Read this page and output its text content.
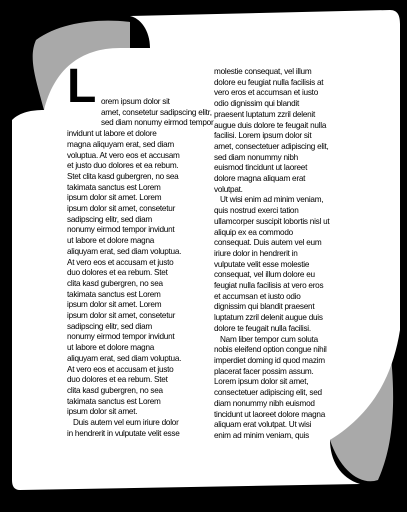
L orem ipsum dolor sit

amet, consetetur sadipscing elitr,

sed diam nonumy eirmod tempor

invidunt ut labore et dolore

magna aliquyam erat, sed diam

voluptua. At vero eos et accusam

et justo duo dolores et ea rebum.

Stet clita kasd gubergren, no sea

takimata sanctus est Lorem

ipsum dolor sit amet. Lorem

ipsum dolor sit amet, consetetur

sadipscing elitr, sed diam

nonumy eirmod tempor invidunt

ut labore et dolore magna

aliquyam erat, sed diam voluptua.

At vero eos et accusam et justo

duo dolores et ea rebum. Stet

clita kasd gubergren, no sea

takimata sanctus est Lorem

ipsum dolor sit amet. Lorem

ipsum dolor sit amet, consetetur

sadipscing elitr, sed diam

nonumy eirmod tempor invidunt

ut labore et dolore magna

aliquyam erat, sed diam voluptua.

At vero eos et accusam et justo

duo dolores et ea rebum. Stet

clita kasd gubergren, no sea

takimata sanctus est Lorem

ipsum dolor sit amet.

Duis autem vel eum iriure dolor

in hendrerit in vulputate velit esse

molestie consequat, vel illum

dolore eu feugiat nulla facilisis at

vero eros et accumsan et iusto

odio dignissim qui blandit

praesent luptatum zzril delenit

augue duis dolore te feugait nulla

facilisi. Lorem ipsum dolor sit

amet, consectetuer adipiscing elit,

sed diam nonummy nibh

euismod tincidunt ut laoreet

dolore magna aliquam erat

volutpat.

Ut wisi enim ad minim veniam,

quis nostrud exerci tation

ullamcorper suscipit lobortis nisl ut

aliquip ex ea commodo

consequat. Duis autem vel eum

iriure dolor in hendrerit in

vulputate velit esse molestie

consequat, vel illum dolore eu

feugiat nulla facilisis at vero eros

et accumsan et iusto odio

dignissim qui blandit praesent

luptatum zzril delenit augue duis

dolore te feugait nulla facilisi.

Nam liber tempor cum soluta

nobis eleifend option congue nihil

imperdiet doming id quod mazim

placerat facer possim assum.

Lorem ipsum dolor sit amet,

consectetuer adipiscing elit, sed

diam nonummy nibh euismod

tincidunt ut laoreet dolore magna

aliquam erat volutpat. Ut wisi

enim ad minim veniam, quis
